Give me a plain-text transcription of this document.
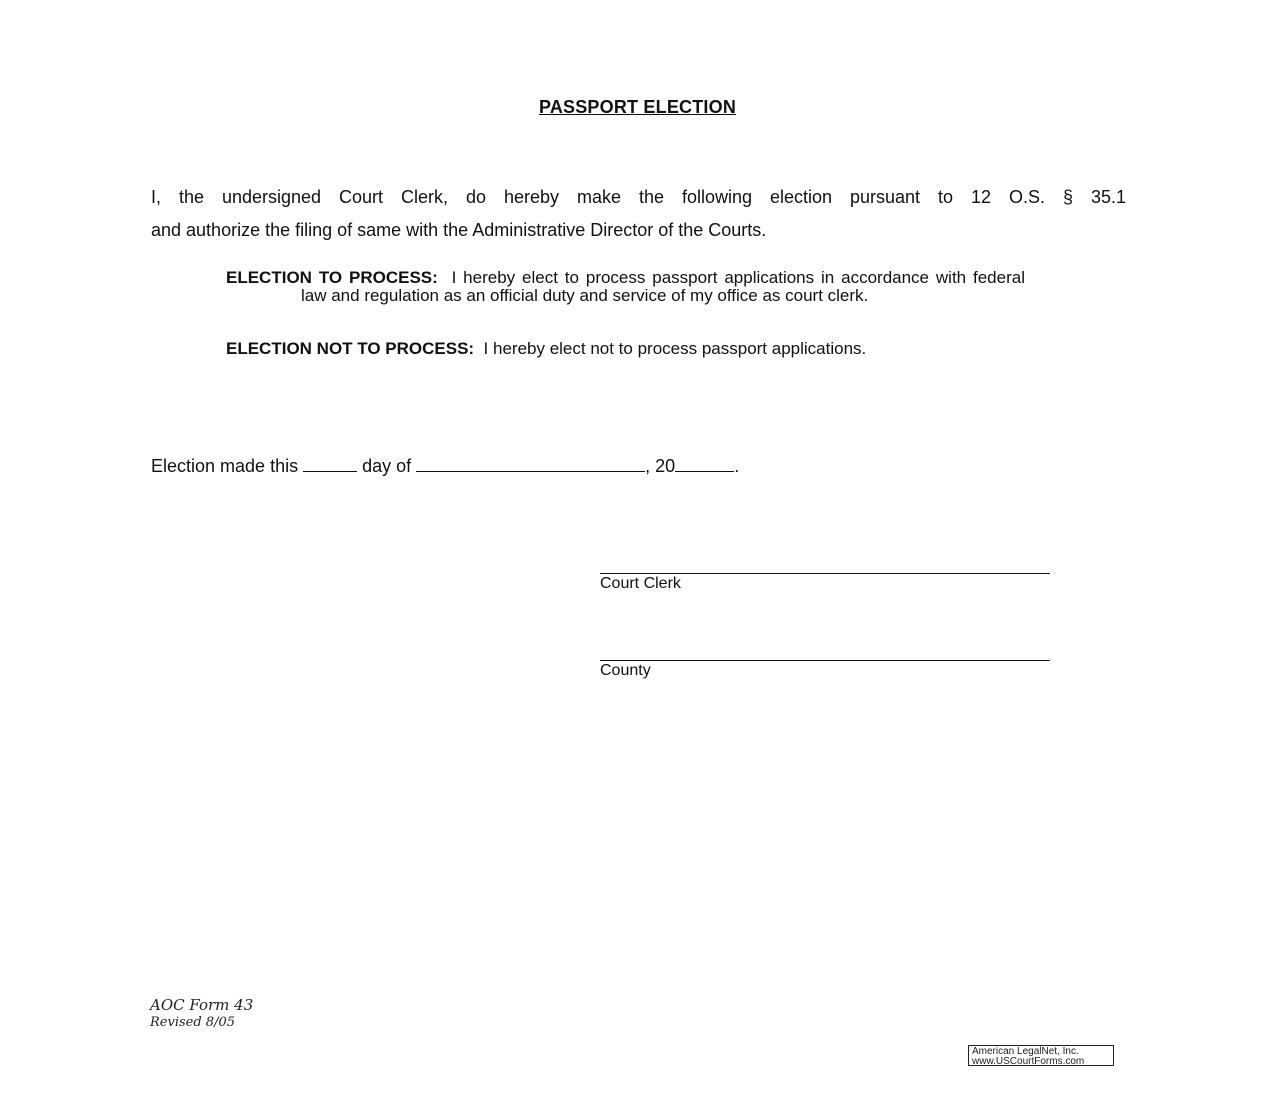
PASSPORT ELECTION
I, the undersigned Court Clerk, do hereby make the following election pursuant to 12 O.S. § 35.1
and authorize the filing of same with the Administrative Director of the Courts.
ELECTION TO PROCESS: I hereby elect to process passport applications in accordance with federal law and regulation as an official duty and service of my office as court clerk.
ELECTION NOT TO PROCESS: I hereby elect not to process passport applications.
Election made this	day of	, 20	.
Court Clerk
County
AOC Form 43
Revised 8/05
American LegalNet, Inc.
www.USCourtForms.com
